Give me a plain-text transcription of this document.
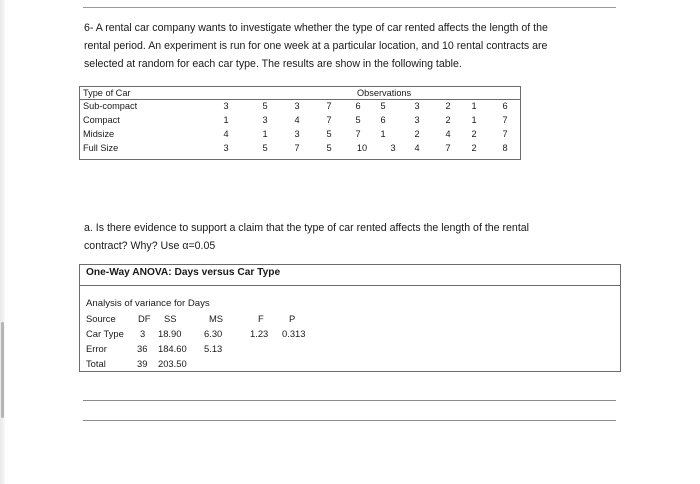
6- A rental car company wants to investigate whether the type of car rented affects the length of the
rental period. An experiment is run for one week at a particular location, and 10 rental contracts are
selected at random for each car type. The results are show in the following table.
Type of Car	Observations
Sub-compact	3	5	3	7	6	5	3	2	1	6
Compact	1	3	4	7	5	6	3	2	1	7
Midsize	4	1	3	5	7	1	2	4	2	7
Full Size	3	5	7	5	10	3	4	7	2	8
a. Is there evidence to support a claim that the type of car rented affects the length of the rental
contract? Why? Use α=0.05
One-Way ANOVA: Days versus Car Type
Analysis of variance for Days
Source DF SS	MS	F	P
Car Type 3 18.90 6.30	1.23 0.313
Error	36 184.60 5.13
Total	39 203.50
